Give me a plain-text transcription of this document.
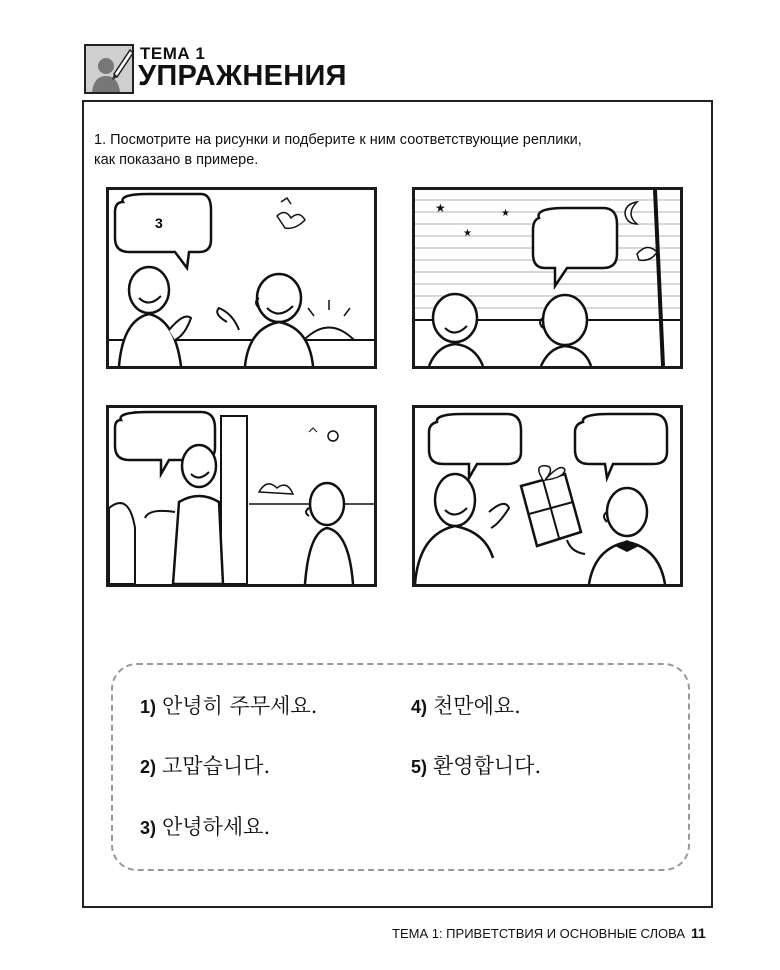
ТЕМА 1
УПРАЖНЕНИЯ
1. Посмотрите на рисунки и подберите к ним соответствующие реплики,
как показано в примере.
3
★
★
★
1) 안녕히 주무세요.
2) 고맙습니다.
3) 안녕하세요.
4) 천만에요.
5) 환영합니다.
ТЕМА 1: ПРИВЕТСТВИЯ И ОСНОВНЫЕ СЛОВА 11
